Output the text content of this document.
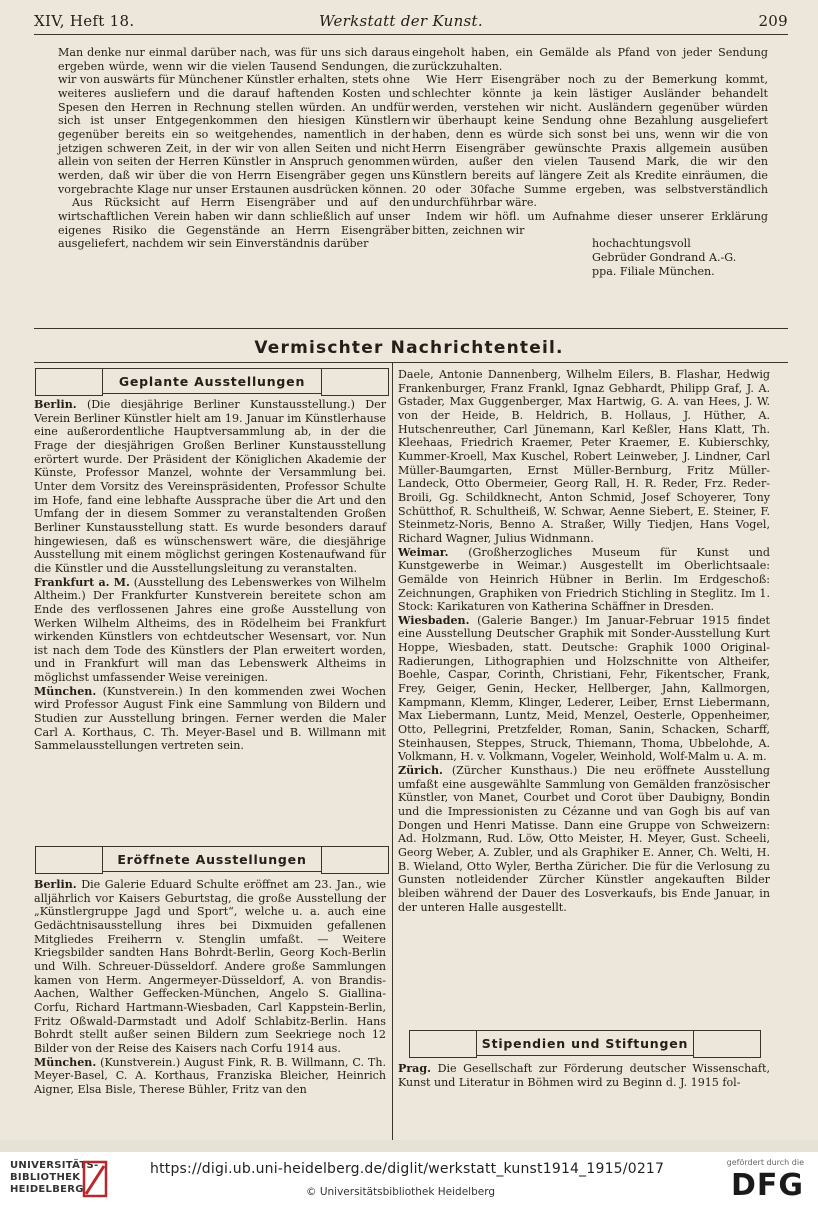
XIV, Heft 18.	Werkstatt der Kunst.	209

Man denke nur einmal darüber nach, was für uns sich daraus ergeben würde, wenn wir die vielen Tausend Sendungen, die wir von auswärts für Münchener Künstler erhalten, stets ohne weiteres ausliefern und die darauf haftenden Kosten und Spesen den Herren in Rechnung stellen würden. An undfür sich ist unser Entgegenkommen den hiesigen Künstlern gegenüber bereits ein so weitgehendes, namentlich in der jetzigen schweren Zeit, in der wir von allen Seiten und nicht allein von seiten der Herren Künstler in Anspruch genommen werden, daß wir über die von Herrn Eisengräber gegen uns vorgebrachte Klage nur unser Erstaunen ausdrücken können.

Aus Rücksicht auf Herrn Eisengräber und auf den wirtschaftlichen Verein haben wir dann schließlich auf unser eigenes Risiko die Gegenstände an Herrn Eisengräber ausgeliefert, nachdem wir sein Einverständnis darüber

eingeholt haben, ein Gemälde als Pfand von jeder Sendung zurückzuhalten.

Wie Herr Eisengräber noch zu der Bemerkung kommt, schlechter könnte ja kein lästiger Ausländer behandelt werden, verstehen wir nicht. Ausländern gegenüber würden wir überhaupt keine Sendung ohne Bezahlung ausgeliefert haben, denn es würde sich sonst bei uns, wenn wir die von Herrn Eisengräber gewünschte Praxis allgemein ausüben würden, außer den vielen Tausend Mark, die wir den Künstlern bereits auf längere Zeit als Kredite einräumen, die 20 oder 30fache Summe ergeben, was selbstverständlich undurchführbar wäre.

Indem wir höfl. um Aufnahme dieser unserer Erklärung bitten, zeichnen wir

hochachtungsvoll

Gebrüder Gondrand A.-G.

ppa. Filiale München.

Vermischter Nachrichtenteil.
Geplante Ausstellungen

Berlin. (Die diesjährige Berliner Kunstausstellung.) Der Verein Berliner Künstler hielt am 19. Januar im Künstlerhause eine außerordentliche Hauptversammlung ab, in der die Frage der diesjährigen Großen Berliner Kunstausstellung erörtert wurde. Der Präsident der Königlichen Akademie der Künste, Professor Manzel, wohnte der Versammlung bei. Unter dem Vorsitz des Vereinspräsidenten, Professor Schulte im Hofe, fand eine lebhafte Aussprache über die Art und den Umfang der in diesem Sommer zu veranstaltenden Großen Berliner Kunstausstellung statt. Es wurde besonders darauf hingewiesen, daß es wünschenswert wäre, die diesjährige Ausstellung mit einem möglichst geringen Kostenaufwand für die Künstler und die Ausstellungsleitung zu veranstalten.

Frankfurt a. M. (Ausstellung des Lebenswerkes von Wilhelm Altheim.) Der Frankfurter Kunstverein bereitete schon am Ende des verflossenen Jahres eine große Ausstellung von Werken Wilhelm Altheims, des in Rödelheim bei Frankfurt wirkenden Künstlers von echtdeutscher Wesensart, vor. Nun ist nach dem Tode des Künstlers der Plan erweitert worden, und in Frankfurt will man das Lebenswerk Altheims in möglichst umfassender Weise vereinigen.

München. (Kunstverein.) In den kommenden zwei Wochen wird Professor August Fink eine Sammlung von Bildern und Studien zur Ausstellung bringen. Ferner werden die Maler Carl A. Korthaus, C. Th. Meyer-Basel und B. Willmann mit Sammelausstellungen vertreten sein.

Eröffnete Ausstellungen

Berlin. Die Galerie Eduard Schulte eröffnet am 23. Jan., wie alljährlich vor Kaisers Geburtstag, die große Ausstellung der „Künstlergruppe Jagd und Sport“, welche u. a. auch eine Gedächtnisausstellung ihres bei Dixmuiden gefallenen Mitgliedes Freiherrn v. Stenglin umfaßt. — Weitere Kriegsbilder sandten Hans Bohrdt-Berlin, Georg Koch-Berlin und Wilh. Schreuer-Düsseldorf. Andere große Sammlungen kamen von Herm. Angermeyer-Düsseldorf, A. von Brandis-Aachen, Walther Geffecken-München, Angelo S. Giallina-Corfu, Richard Hartmann-Wiesbaden, Carl Kappstein-Berlin, Fritz Oßwald-Darmstadt und Adolf Schlabitz-Berlin. Hans Bohrdt stellt außer seinen Bildern zum Seekriege noch 12 Bilder von der Reise des Kaisers nach Corfu 1914 aus.

München. (Kunstverein.) August Fink, R. B. Willmann, C. Th. Meyer-Basel, C. A. Korthaus, Franziska Bleicher, Heinrich Aigner, Elsa Bisle, Therese Bühler, Fritz van den

Daele, Antonie Dannenberg, Wilhelm Eilers, B. Flashar, Hedwig Frankenburger, Franz Frankl, Ignaz Gebhardt, Philipp Graf, J. A. Gstader, Max Guggenberger, Max Hartwig, G. A. van Hees, J. W. von der Heide, B. Heldrich, B. Hollaus, J. Hüther, A. Hutschenreuther, Carl Jünemann, Karl Keßler, Hans Klatt, Th. Kleehaas, Friedrich Kraemer, Peter Kraemer, E. Kubierschky, Kummer-Kroell, Max Kuschel, Robert Leinweber, J. Lindner, Carl Müller-Baumgarten, Ernst Müller-Bernburg, Fritz Müller-Landeck, Otto Obermeier, Georg Rall, H. R. Reder, Frz. Reder-Broili, Gg. Schildknecht, Anton Schmid, Josef Schoyerer, Tony Schütthof, R. Schultheiß, W. Schwar, Aenne Siebert, E. Steiner, F. Steinmetz-Noris, Benno A. Straßer, Willy Tiedjen, Hans Vogel, Richard Wagner, Julius Widnmann.

Weimar. (Großherzogliches Museum für Kunst und Kunstgewerbe in Weimar.) Ausgestellt im Oberlichtsaale: Gemälde von Heinrich Hübner in Berlin. Im Erdgeschoß: Zeichnungen, Graphiken von Friedrich Stichling in Steglitz. Im 1. Stock: Karikaturen von Katherina Schäffner in Dresden.

Wiesbaden. (Galerie Banger.) Im Januar-Februar 1915 findet eine Ausstellung Deutscher Graphik mit Sonder-Ausstellung Kurt Hoppe, Wiesbaden, statt. Deutsche: Graphik 1000 Original-Radierungen, Lithographien und Holzschnitte von Altheifer, Boehle, Caspar, Corinth, Christiani, Fehr, Fikentscher, Frank, Frey, Geiger, Genin, Hecker, Hellberger, Jahn, Kallmorgen, Kampmann, Klemm, Klinger, Lederer, Leiber, Ernst Liebermann, Max Liebermann, Luntz, Meid, Menzel, Oesterle, Oppenheimer, Otto, Pellegrini, Pretzfelder, Roman, Sanin, Schacken, Scharff, Steinhausen, Steppes, Struck, Thiemann, Thoma, Ubbelohde, A. Volkmann, H. v. Volkmann, Vogeler, Weinhold, Wolf-Malm u. A. m.

Zürich. (Zürcher Kunsthaus.) Die neu eröffnete Ausstellung umfaßt eine ausgewählte Sammlung von Gemälden französischer Künstler, von Manet, Courbet und Corot über Daubigny, Bondin und die Impressionisten zu Cézanne und van Gogh bis auf van Dongen und Henri Matisse. Dann eine Gruppe von Schweizern: Ad. Holzmann, Rud. Löw, Otto Meister, H. Meyer, Gust. Scheeli, Georg Weber, A. Zubler, und als Graphiker E. Anner, Ch. Welti, H. B. Wieland, Otto Wyler, Bertha Züricher. Die für die Verlosung zu Gunsten notleidender Zürcher Künstler angekauften Bilder bleiben während der Dauer des Losverkaufs, bis Ende Januar, in der unteren Halle ausgestellt.

Stipendien und Stiftungen

Prag. Die Gesellschaft zur Förderung deutscher Wissenschaft, Kunst und Literatur in Böhmen wird zu Beginn d. J. 1915 fol-

UNIVERSITÄTS-
BIBLIOTHEK
HEIDELBERG
https://digi.ub.uni-heidelberg.de/diglit/werkstatt_kunst1914_1915/0217
© Universitätsbibliothek Heidelberg
gefördert durch die
DFG
